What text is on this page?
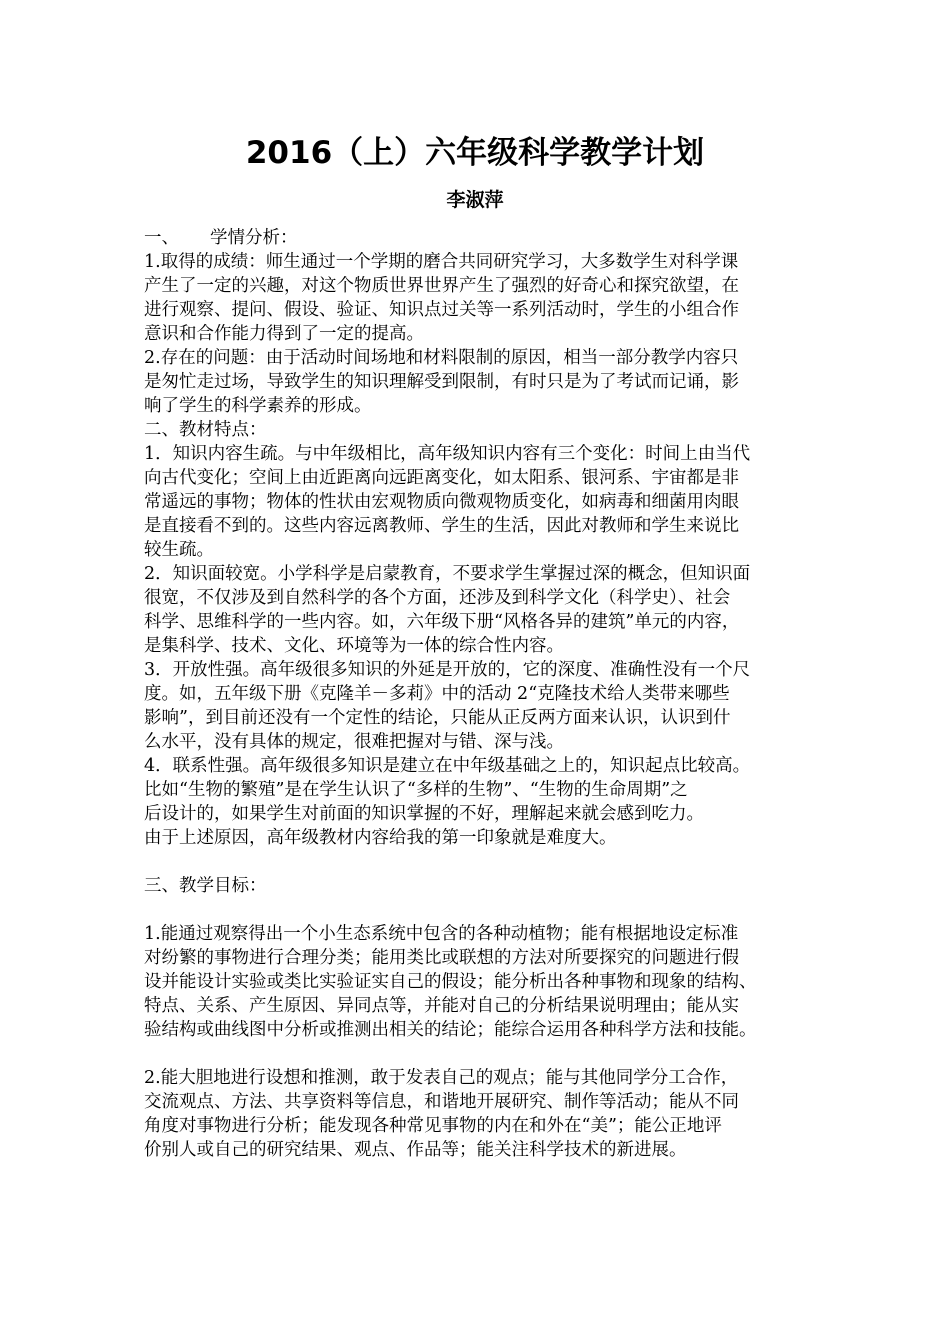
2016（上）六年级科学教学计划
李淑萍
一、 学情分析：
1.取得的成绩：师生通过一个学期的磨合共同研究学习，大多数学生对科学课
产生了一定的兴趣，对这个物质世界世界产生了强烈的好奇心和探究欲望，在
进行观察、提问、假设、验证、知识点过关等一系列活动时，学生的小组合作
意识和合作能力得到了一定的提高。
2.存在的问题：由于活动时间场地和材料限制的原因，相当一部分教学内容只
是匆忙走过场，导致学生的知识理解受到限制，有时只是为了考试而记诵，影
响了学生的科学素养的形成。
二、教材特点：
1．知识内容生疏。与中年级相比，高年级知识内容有三个变化：时间上由当代
向古代变化；空间上由近距离向远距离变化，如太阳系、银河系、宇宙都是非
常遥远的事物；物体的性状由宏观物质向微观物质变化，如病毒和细菌用肉眼
是直接看不到的。这些内容远离教师、学生的生活，因此对教师和学生来说比
较生疏。
2．知识面较宽。小学科学是启蒙教育，不要求学生掌握过深的概念，但知识面
很宽，不仅涉及到自然科学的各个方面，还涉及到科学文化（科学史）、社会
科学、思维科学的一些内容。如，六年级下册“风格各异的建筑”单元的内容，
是集科学、技术、文化、环境等为一体的综合性内容。
3．开放性强。高年级很多知识的外延是开放的，它的深度、准确性没有一个尺
度。如，五年级下册《克隆羊－多莉》中的活动 2“克隆技术给人类带来哪些
影响”，到目前还没有一个定性的结论，只能从正反两方面来认识，认识到什
么水平，没有具体的规定，很难把握对与错、深与浅。
4．联系性强。高年级很多知识是建立在中年级基础之上的，知识起点比较高。
比如“生物的繁殖”是在学生认识了“多样的生物”、“生物的生命周期”之
后设计的，如果学生对前面的知识掌握的不好，理解起来就会感到吃力。
由于上述原因，高年级教材内容给我的第一印象就是难度大。
三、教学目标：
1.能通过观察得出一个小生态系统中包含的各种动植物；能有根据地设定标准
对纷繁的事物进行合理分类；能用类比或联想的方法对所要探究的问题进行假
设并能设计实验或类比实验证实自己的假设；能分析出各种事物和现象的结构、
特点、关系、产生原因、异同点等，并能对自己的分析结果说明理由；能从实
验结构或曲线图中分析或推测出相关的结论；能综合运用各种科学方法和技能。
2.能大胆地进行设想和推测，敢于发表自己的观点；能与其他同学分工合作，
交流观点、方法、共享资料等信息，和谐地开展研究、制作等活动；能从不同
角度对事物进行分析；能发现各种常见事物的内在和外在“美”；能公正地评
价别人或自己的研究结果、观点、作品等；能关注科学技术的新进展。
